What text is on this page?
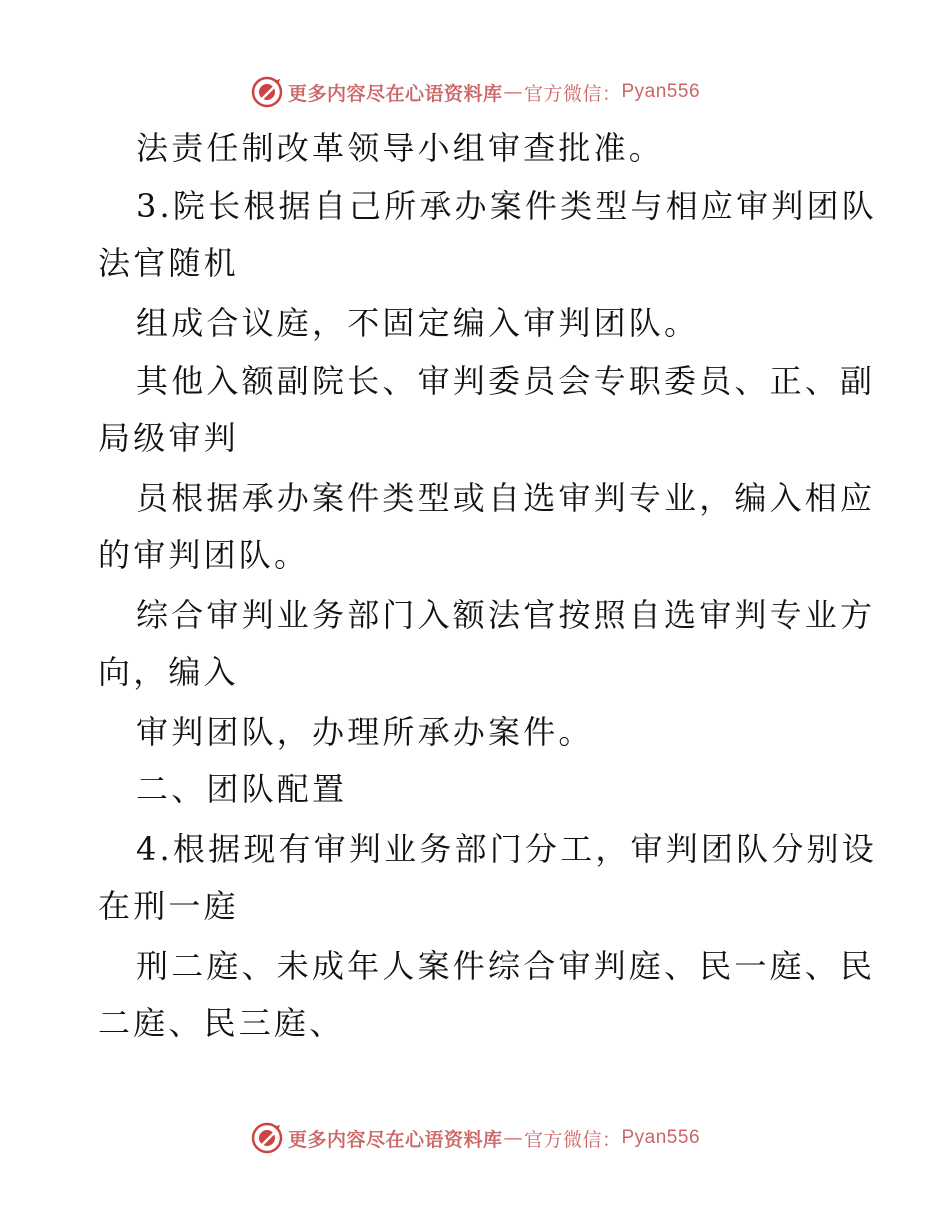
更多内容尽在心语资料库 — 官方微信： Pyan556
法责任制改革领导小组审查批准。
3.院长根据自己所承办案件类型与相应审判团队
法官随机
组成合议庭，不固定编入审判团队。
其他入额副院长、审判委员会专职委员、正、副
局级审判
员根据承办案件类型或自选审判专业，编入相应
的审判团队。
综合审判业务部门入额法官按照自选审判专业方
向，编入
审判团队，办理所承办案件。
二、团队配置
4.根据现有审判业务部门分工，审判团队分别设
在刑一庭
刑二庭、未成年人案件综合审判庭、民一庭、民
二庭、民三庭、
更多内容尽在心语资料库 — 官方微信： Pyan556
